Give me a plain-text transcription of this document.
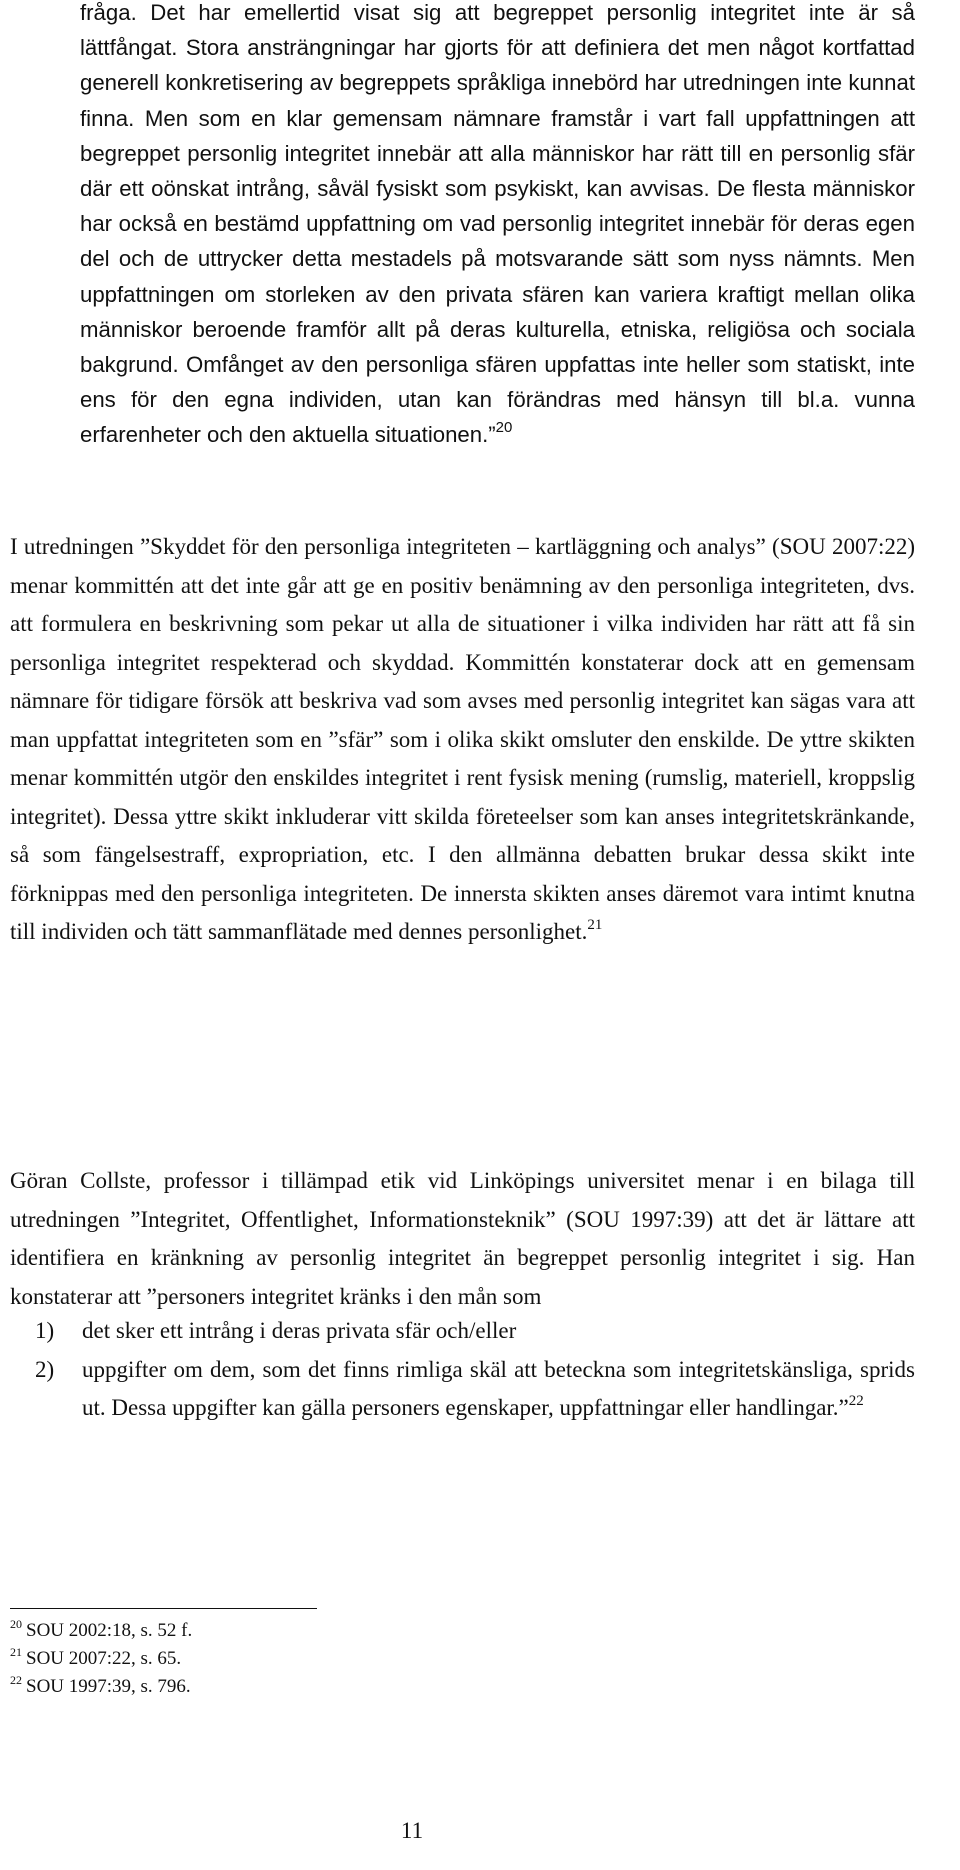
fråga. Det har emellertid visat sig att begreppet personlig integritet inte är så lättfångat. Stora ansträngningar har gjorts för att definiera det men något kortfattad generell konkretisering av begreppets språkliga innebörd har utredningen inte kunnat finna. Men som en klar gemensam nämnare framstår i vart fall uppfattningen att begreppet personlig integritet innebär att alla människor har rätt till en personlig sfär där ett oönskat intrång, såväl fysiskt som psykiskt, kan avvisas. De flesta människor har också en bestämd uppfattning om vad personlig integritet innebär för deras egen del och de uttrycker detta mestadels på motsvarande sätt som nyss nämnts. Men uppfattningen om storleken av den privata sfären kan variera kraftigt mellan olika människor beroende framför allt på deras kulturella, etniska, religiösa och sociala bakgrund. Omfånget av den personliga sfären uppfattas inte heller som statiskt, inte ens för den egna individen, utan kan förändras med hänsyn till bl.a. vunna erfarenheter och den aktuella situationen.”$^{20}$

I utredningen ”Skyddet för den personliga integriteten – kartläggning och analys” (SOU 2007:22) menar kommittén att det inte går att ge en positiv benämning av den personliga integriteten, dvs. att formulera en beskrivning som pekar ut alla de situationer i vilka individen har rätt att få sin personliga integritet respekterad och skyddad. Kommittén konstaterar dock att en gemensam nämnare för tidigare försök att beskriva vad som avses med personlig integritet kan sägas vara att man uppfattat integriteten som en ”sfär” som i olika skikt omsluter den enskilde. De yttre skikten menar kommittén utgör den enskildes integritet i rent fysisk mening (rumslig, materiell, kroppslig integritet). Dessa yttre skikt inkluderar vitt skilda företeelser som kan anses integritetskränkande, så som fängelsestraff, expropriation, etc. I den allmänna debatten brukar dessa skikt inte förknippas med den personliga integriteten. De innersta skikten anses däremot vara intimt knutna till individen och tätt sammanflätade med dennes personlighet.$^{21}$

Göran Collste, professor i tillämpad etik vid Linköpings universitet menar i en bilaga till utredningen ”Integritet, Offentlighet, Informationsteknik” (SOU 1997:39) att det är lättare att identifiera en kränkning av personlig integritet än begreppet personlig integritet i sig. Han konstaterar att ”personers integritet kränks i den mån som

1) det sker ett intrång i deras privata sfär och/eller
2) uppgifter om dem, som det finns rimliga skäl att beteckna som integritetskänsliga, sprids ut. Dessa uppgifter kan gälla personers egenskaper, uppfattningar eller handlingar.”$^{22}$

$^{20}$ SOU 2002:18, s. 52 f.

$^{21}$ SOU 2007:22, s. 65.

$^{22}$ SOU 1997:39, s. 796.

11
